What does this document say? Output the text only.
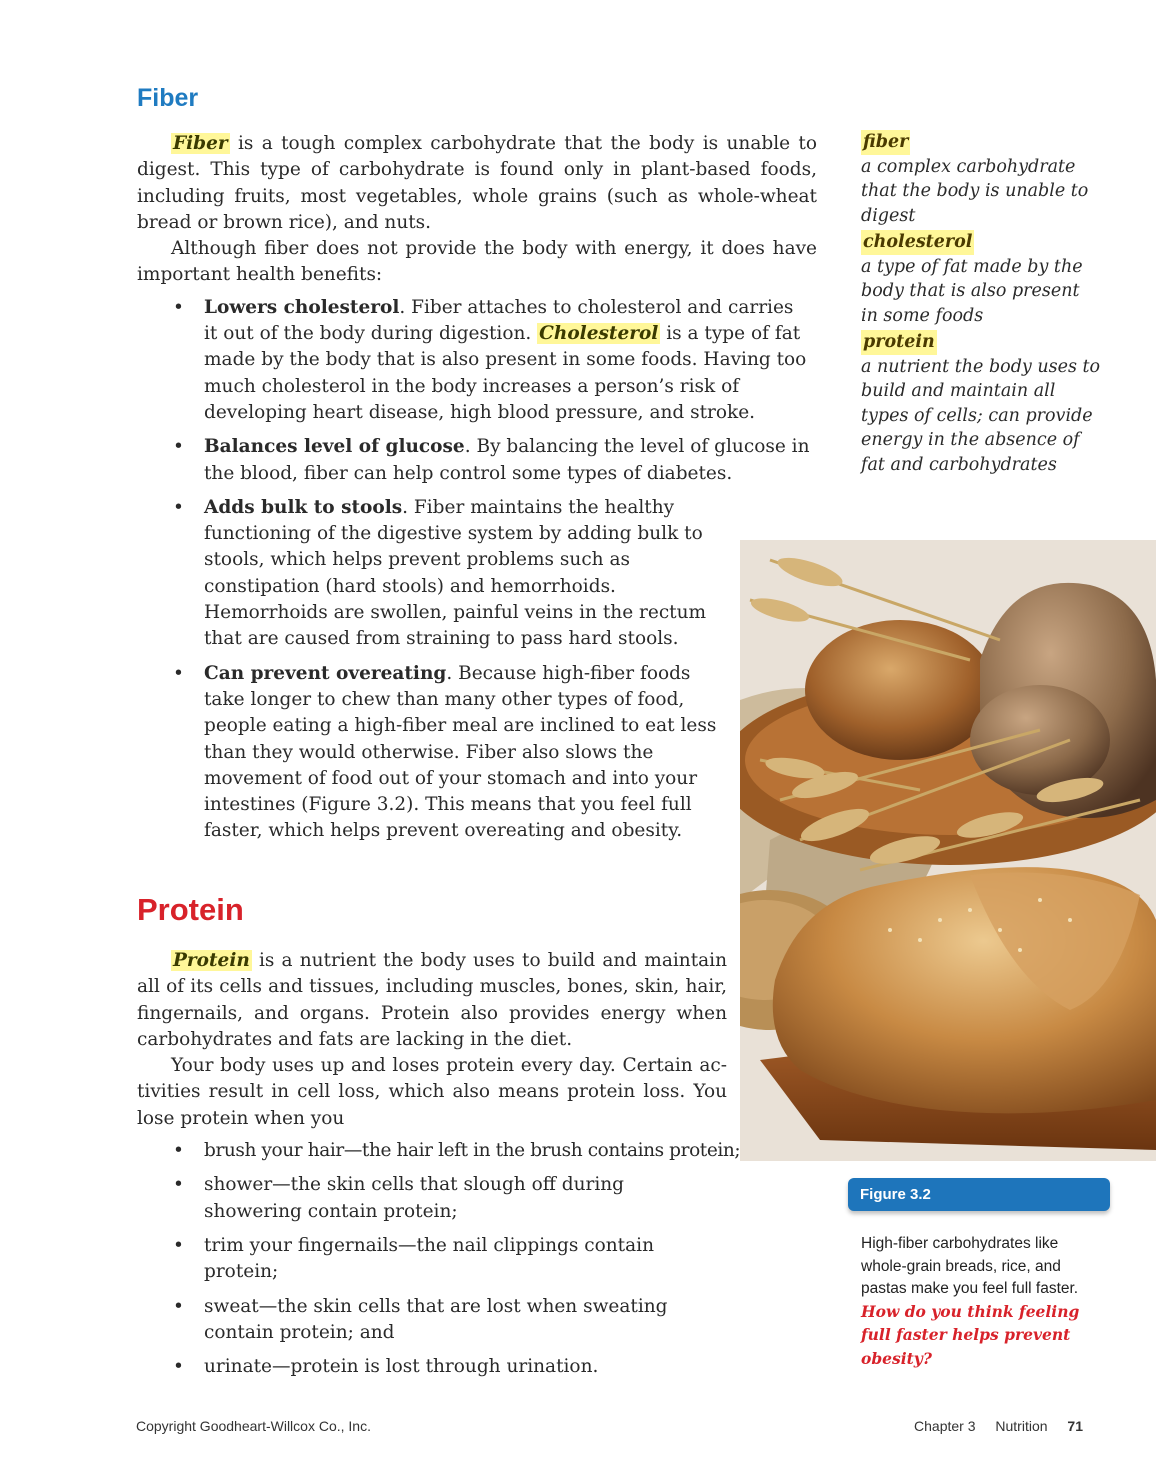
Fiber

Fiber is a tough complex carbohydrate that the body is unable to digest. This type of carbohydrate is found only in plant-based foods, including fruits, most vegetables, whole grains (such as whole-wheat bread or brown rice), and nuts.

Although fiber does not provide the body with energy, it does have important health benefits:

• Lowers cholesterol. Fiber attaches to cholesterol and carries it out of the body during digestion. Cholesterol is a type of fat made by the body that is also present in some foods. Having too much cholesterol in the body increases a person’s risk of developing heart disease, high blood pressure, and stroke.
• Balances level of glucose. By balancing the level of glucose in the blood, fiber can help control some types of diabetes.
• Adds bulk to stools. Fiber maintains the healthy functioning of the digestive system by adding bulk to stools, which helps prevent problems such as constipation (hard stools) and hemorrhoids. Hemorrhoids are swollen, painful veins in the rectum that are caused from straining to pass hard stools.
• Can prevent overeating. Because high-fiber foods take longer to chew than many other types of food, people eating a high-fiber meal are inclined to eat less than they would otherwise. Fiber also slows the movement of food out of your stomach and into your intestines (Figure 3.2). This means that you feel full faster, which helps prevent overeating and obesity.
Protein

Protein is a nutrient the body uses to build and maintain all of its cells and tissues, including muscles, bones, skin, hair, fingernails, and organs. Protein also provides energy when carbohydrates and fats are lacking in the diet.

Your body uses up and loses protein every day. Certain activities result in cell loss, which also means protein loss. You lose protein when you

• brush your hair—the hair left in the brush contains protein;
• shower—the skin cells that slough off during showering contain protein;
• trim your fingernails—the nail clippings contain protein;
• sweat—the skin cells that are lost when sweating contain protein; and
• urinate—protein is lost through urination.
fiber
a complex carbohydrate that the body is unable to digest
cholesterol
a type of fat made by the body that is also present in some foods
protein
a nutrient the body uses to build and maintain all types of cells; can provide energy in the absence of fat and carbohydrates
Figure 3.2
High-fiber carbohydrates like whole-grain breads, rice, and pastas make you feel full faster. How do you think feeling full faster helps prevent obesity?
Copyright Goodheart-Willcox Co., Inc.	Chapter 3 Nutrition 71
